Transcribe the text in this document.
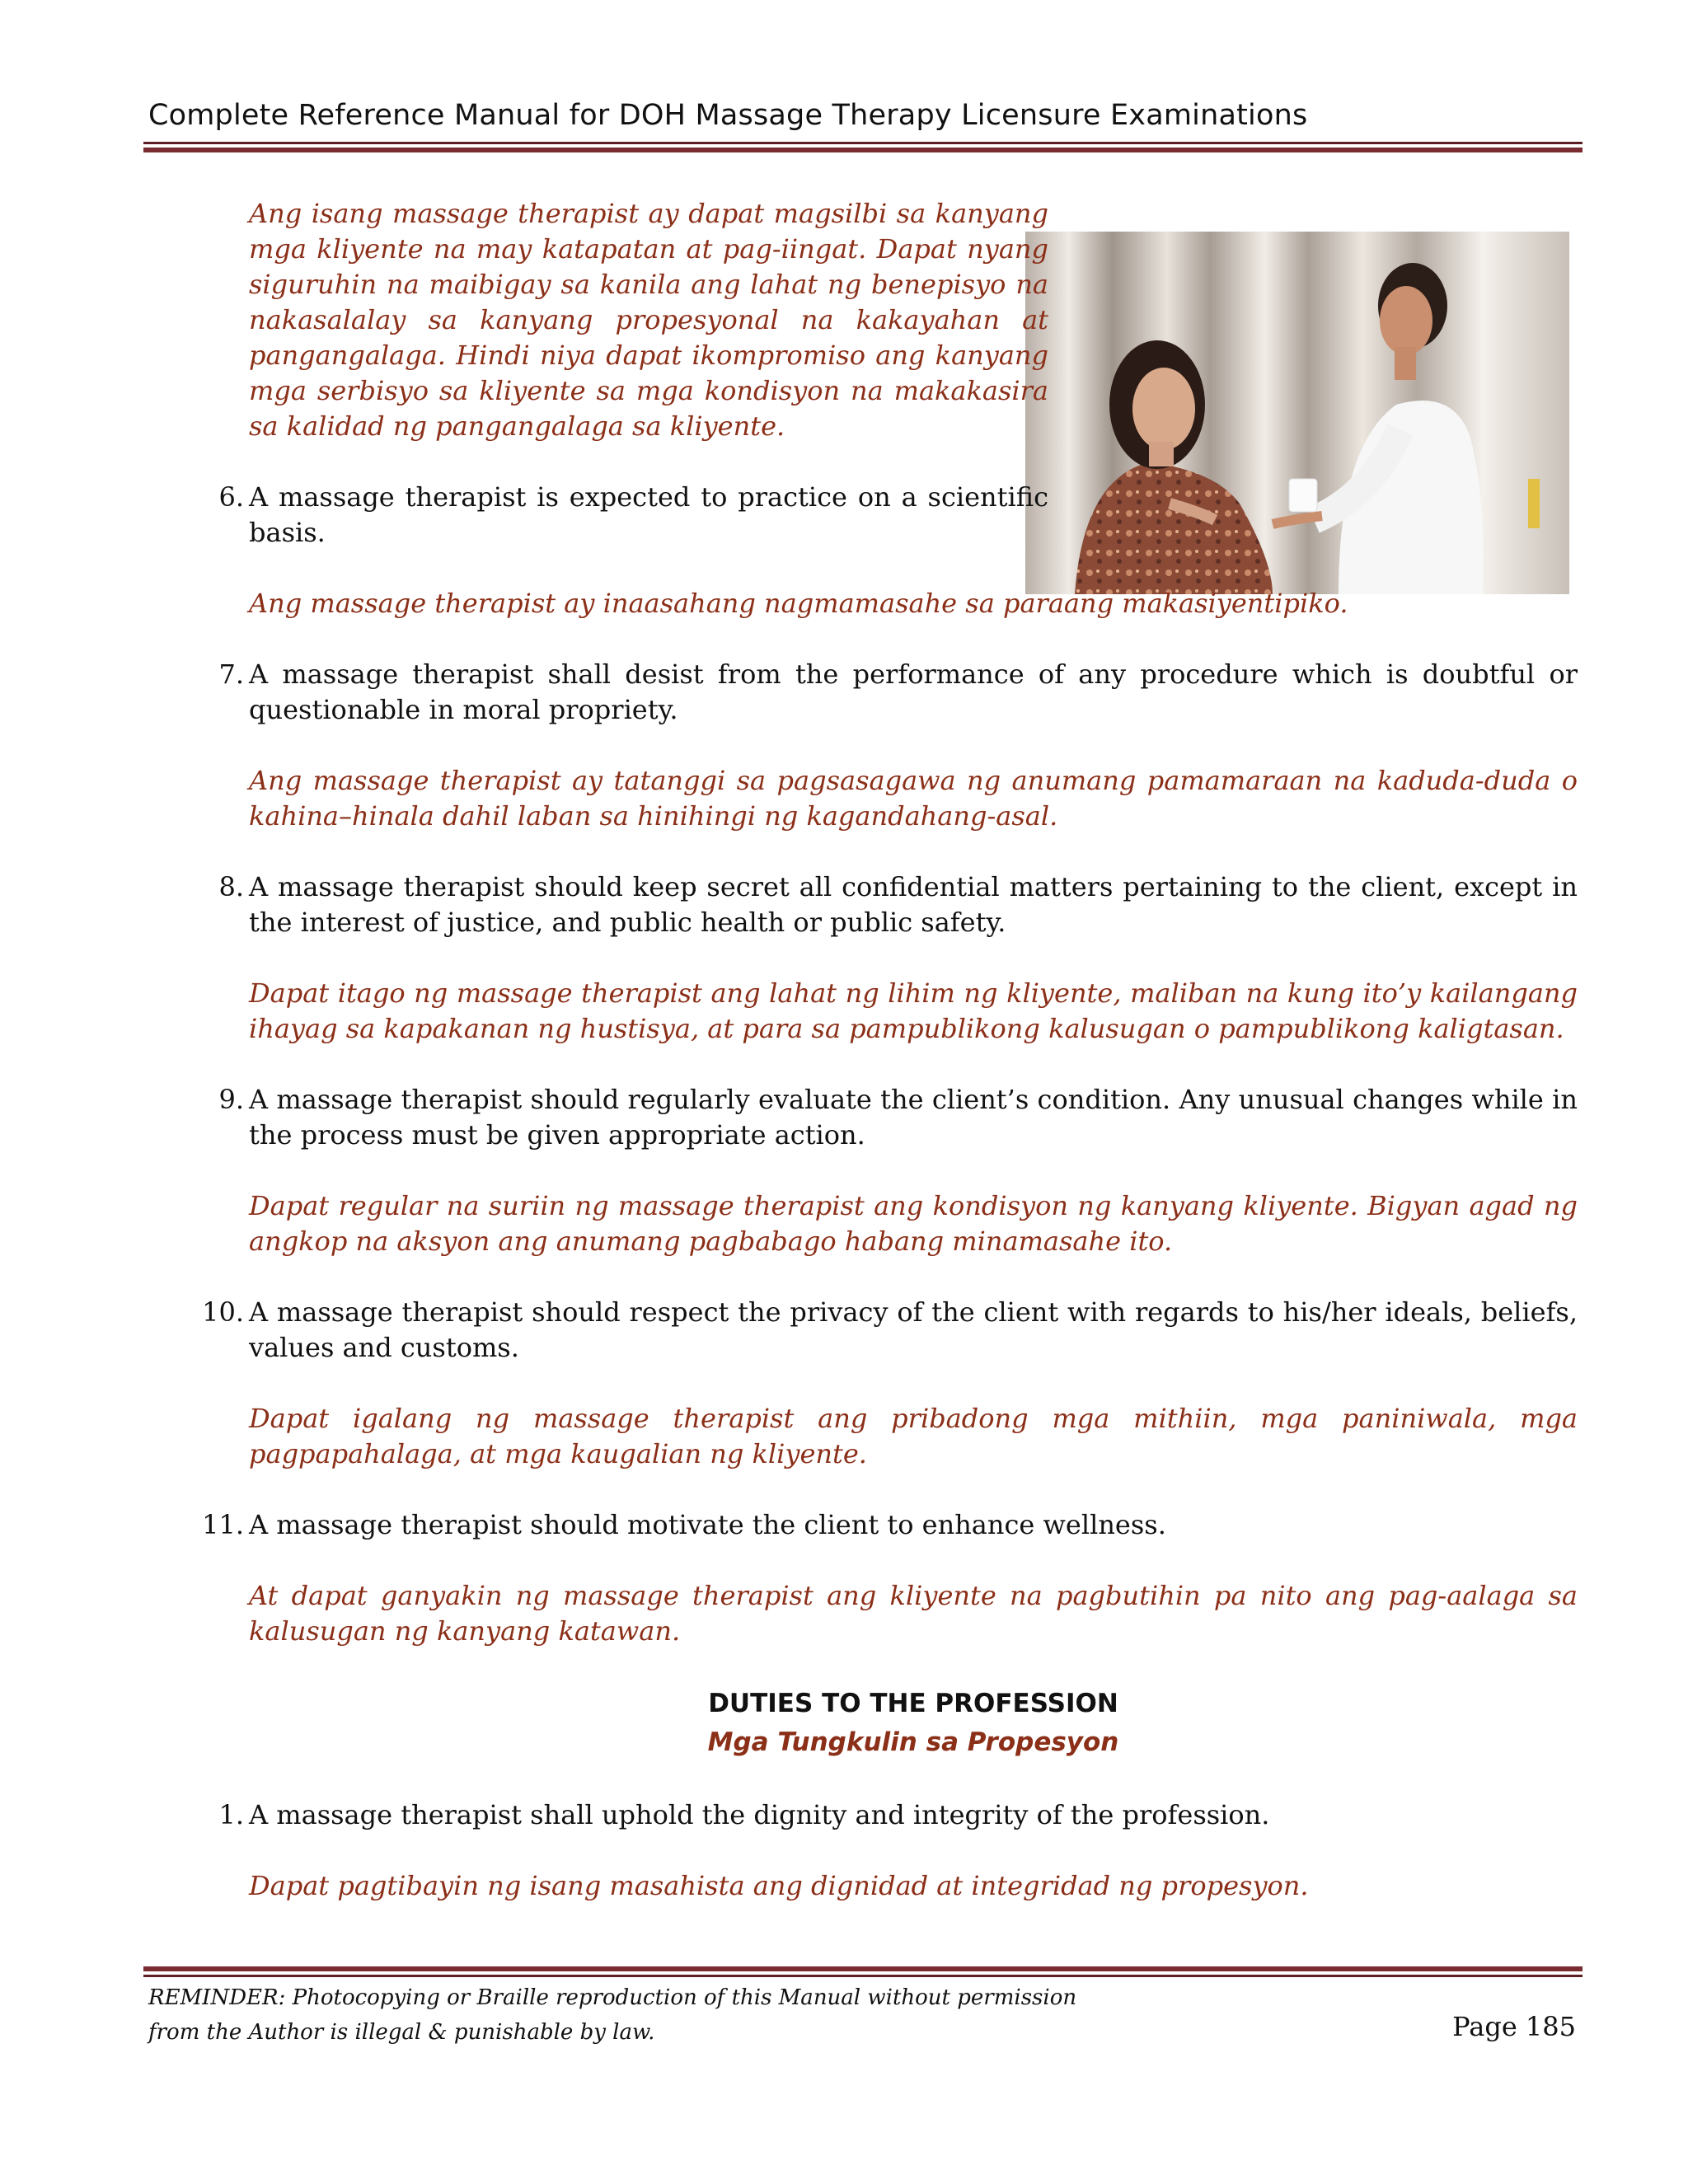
Complete Reference Manual for DOH Massage Therapy Licensure Examinations

Ang isang massage therapist ay dapat magsilbi sa kanyang mga kliyente na may katapatan at pag-iingat. Dapat nyang siguruhin na maibigay sa kanila ang lahat ng benepisyo na nakasalalay sa kanyang propesyonal na kakayahan at pangangalaga. Hindi niya dapat ikompromiso ang kanyang mga serbisyo sa kliyente sa mga kondisyon na makakasira sa kalidad ng pangangalaga sa kliyente.

6. A massage therapist is expected to practice on a scientific basis.

Ang massage therapist ay inaasahang nagmamasahe sa paraang makasiyentipiko.

7. A massage therapist shall desist from the performance of any procedure which is doubtful or questionable in moral propriety.

Ang massage therapist ay tatanggi sa pagsasagawa ng anumang pamamaraan na kaduda-duda o kahina–hinala dahil laban sa hinihingi ng kagandahang-asal.

8. A massage therapist should keep secret all confidential matters pertaining to the client, except in the interest of justice, and public health or public safety.

Dapat itago ng massage therapist ang lahat ng lihim ng kliyente, maliban na kung ito’y kailangang ihayag sa kapakanan ng hustisya, at para sa pampublikong kalusugan o pampublikong kaligtasan.

9. A massage therapist should regularly evaluate the client’s condition. Any unusual changes while in the process must be given appropriate action.

Dapat regular na suriin ng massage therapist ang kondisyon ng kanyang kliyente. Bigyan agad ng angkop na aksyon ang anumang pagbabago habang minamasahe ito.

10. A massage therapist should respect the privacy of the client with regards to his/her ideals, beliefs, values and customs.

Dapat igalang ng massage therapist ang pribadong mga mithiin, mga paniniwala, mga pagpapahalaga, at mga kaugalian ng kliyente.

11. A massage therapist should motivate the client to enhance wellness.

At dapat ganyakin ng massage therapist ang kliyente na pagbutihin pa nito ang pag-aalaga sa kalusugan ng kanyang katawan.

DUTIES TO THE PROFESSION

Mga Tungkulin sa Propesyon

1. A massage therapist shall uphold the dignity and integrity of the profession.

Dapat pagtibayin ng isang masahista ang dignidad at integridad ng propesyon.

REMINDER: Photocopying or Braille reproduction of this Manual without permission
from the Author is illegal & punishable by law.	Page 185
